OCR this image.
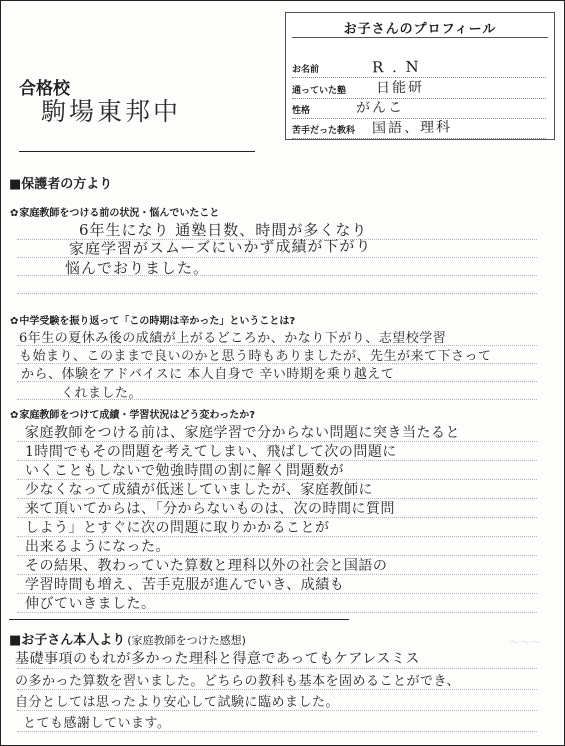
お子さんのプロフィール
お名前	R . N
通っていた塾 日能研
性格	がんこ
苦手だった教科 国語、理科
合格校
駒場東邦中
■保護者の方より
✿家庭教師をつける前の状況・悩んでいたこと
6年生になり 通塾日数、時間が多くなり
家庭学習がスムーズにいかず成績が下がり
悩んでおりました。
✿中学受験を振り返って「この時期は辛かった」ということは?
6年生の夏休み後の成績が上がるどころか、かなり下がり、志望校学習
も始まり、このままで良いのかと思う時もありましたが、先生が来て下さって
から、体験をアドバイスに 本人自身で 辛い時期を乗り越えて
くれました。
✿家庭教師をつけて成績・学習状況はどう変わったか?
家庭教師をつける前は、家庭学習で分からない問題に突き当たると
1時間でもその問題を考えてしまい、飛ばして次の問題に
いくこともしないで勉強時間の割に解く問題数が
少なくなって成績が低迷していましたが、家庭教師に
来て頂いてからは、「分からないものは、次の時間に質問
しよう」とすぐに次の問題に取りかかることが
出来るようになった。
その結果、教わっていた算数と理科以外の社会と国語の
学習時間も増え、苦手克服が進んでいき、成績も
伸びていきました。
■お子さん本人より (家庭教師をつけた感想)	〜〜〜
基礎事項のもれが多かった理科と得意であってもケアレスミス
の多かった算数を習いました。どちらの教科も基本を固めることができ、
自分としては思ったより安心して試験に臨めました。
とても感謝しています。
